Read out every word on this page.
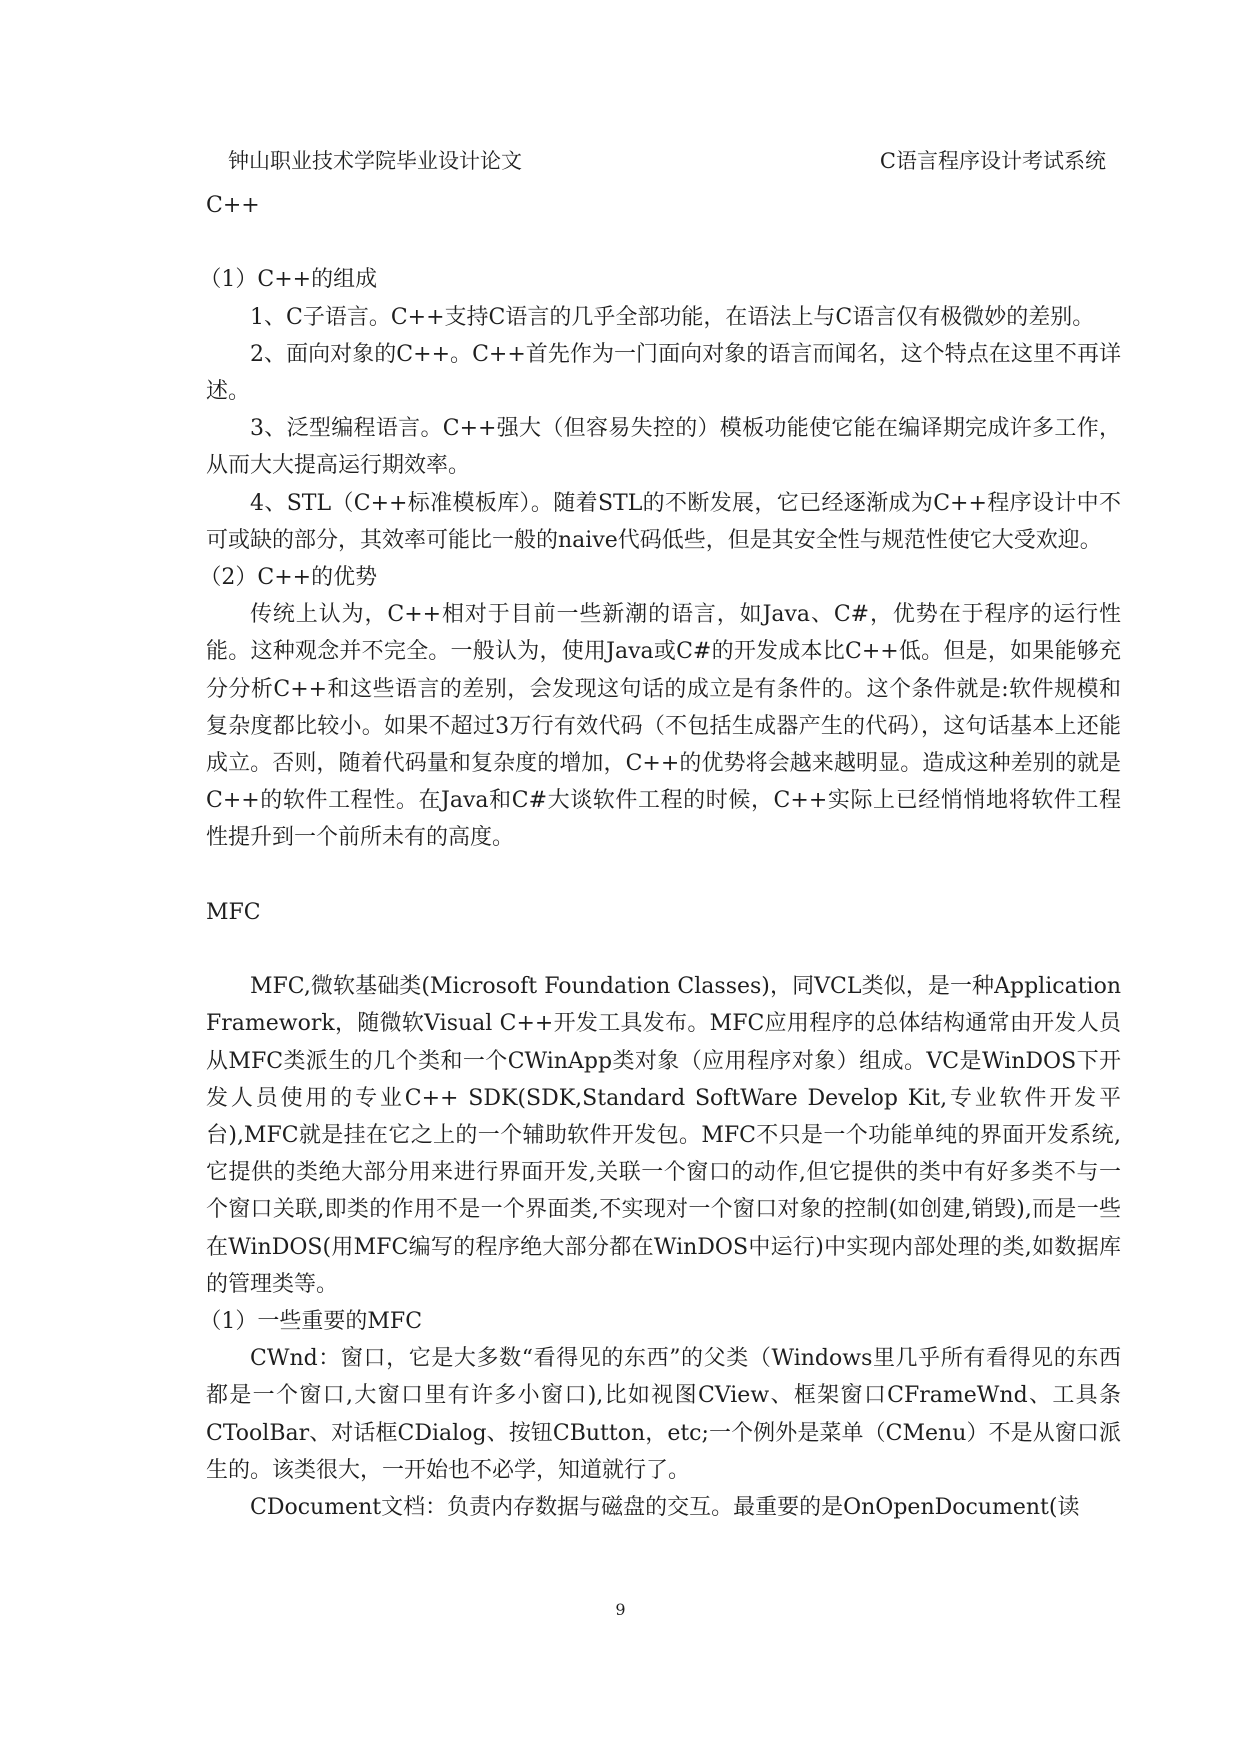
钟山职业技术学院毕业设计论文	C语言程序设计考试系统

C++

（1）C++的组成

1、C子语言。C++支持C语言的几乎全部功能，在语法上与C语言仅有极微妙的差别。

2、面向对象的C++。C++首先作为一门面向对象的语言而闻名，这个特点在这里不再详述。

3、泛型编程语言。C++强大（但容易失控的）模板功能使它能在编译期完成许多工作，从而大大提高运行期效率。

4、STL（C++标准模板库）。随着STL的不断发展，它已经逐渐成为C++程序设计中不可或缺的部分，其效率可能比一般的naive代码低些，但是其安全性与规范性使它大受欢迎。

（2）C++的优势

传统上认为，C++相对于目前一些新潮的语言，如Java、C#，优势在于程序的运行性能。这种观念并不完全。一般认为，使用Java或C#的开发成本比C++低。但是，如果能够充分分析C++和这些语言的差别，会发现这句话的成立是有条件的。这个条件就是:软件规模和复杂度都比较小。如果不超过3万行有效代码（不包括生成器产生的代码），这句话基本上还能成立。否则，随着代码量和复杂度的增加，C++的优势将会越来越明显。造成这种差别的就是C++的软件工程性。在Java和C#大谈软件工程的时候，C++实际上已经悄悄地将软件工程性提升到一个前所未有的高度。

MFC

MFC,微软基础类(Microsoft Foundation Classes)，同VCL类似，是一种Application Framework，随微软Visual C++开发工具发布。MFC应用程序的总体结构通常由开发人员从MFC类派生的几个类和一个CWinApp类对象（应用程序对象）组成。VC是WinDOS下开发人员使用的专业C++ SDK(SDK,Standard SoftWare Develop Kit,专业软件开发平台),MFC就是挂在它之上的一个辅助软件开发包。MFC不只是一个功能单纯的界面开发系统,它提供的类绝大部分用来进行界面开发,关联一个窗口的动作,但它提供的类中有好多类不与一个窗口关联,即类的作用不是一个界面类,不实现对一个窗口对象的控制(如创建,销毁),而是一些在WinDOS(用MFC编写的程序绝大部分都在WinDOS中运行)中实现内部处理的类,如数据库的管理类等。

（1）一些重要的MFC

CWnd：窗口，它是大多数“看得见的东西”的父类（Windows里几乎所有看得见的东西都是一个窗口,大窗口里有许多小窗口),比如视图CView、框架窗口CFrameWnd、工具条CToolBar、对话框CDialog、按钮CButton，etc;一个例外是菜单（CMenu）不是从窗口派生的。该类很大，一开始也不必学，知道就行了。

CDocument文档：负责内存数据与磁盘的交互。最重要的是OnOpenDocument(读

9
